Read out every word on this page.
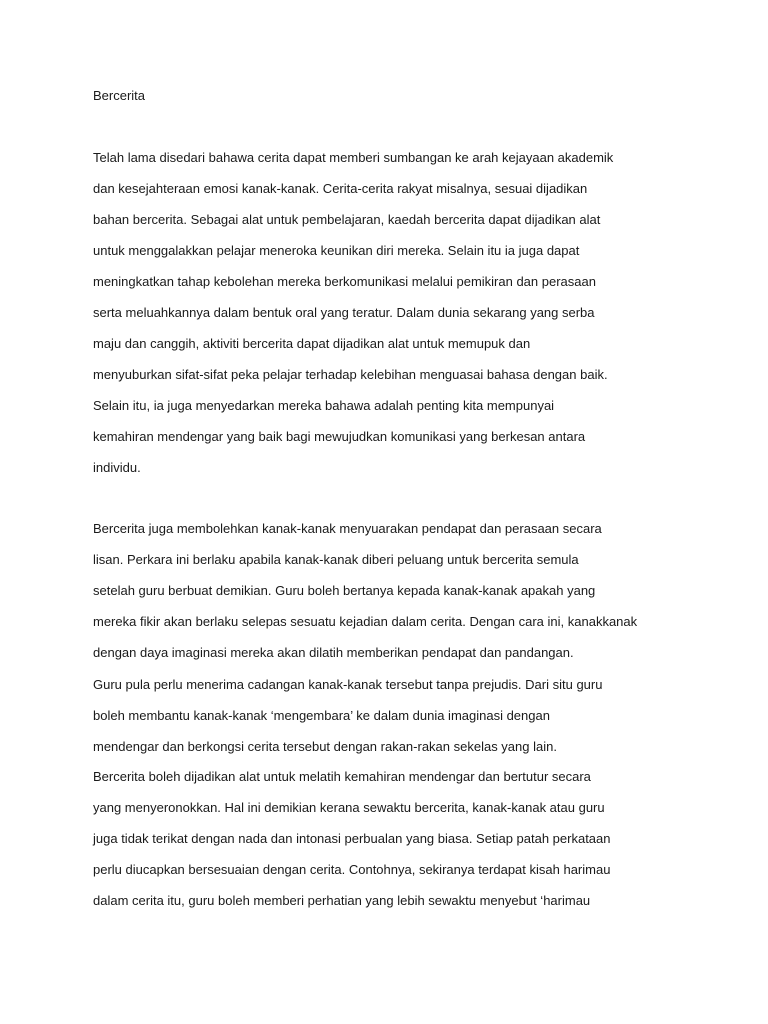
Bercerita
Telah lama disedari bahawa cerita dapat memberi sumbangan ke arah kejayaan akademik
dan kesejahteraan emosi kanak-kanak. Cerita-cerita rakyat misalnya, sesuai dijadikan
bahan bercerita. Sebagai alat untuk pembelajaran, kaedah bercerita dapat dijadikan alat
untuk menggalakkan pelajar meneroka keunikan diri mereka. Selain itu ia juga dapat
meningkatkan tahap kebolehan mereka berkomunikasi melalui pemikiran dan perasaan
serta meluahkannya dalam bentuk oral yang teratur. Dalam dunia sekarang yang serba
maju dan canggih, aktiviti bercerita dapat dijadikan alat untuk memupuk dan
menyuburkan sifat-sifat peka pelajar terhadap kelebihan menguasai bahasa dengan baik.
Selain itu, ia juga menyedarkan mereka bahawa adalah penting kita mempunyai
kemahiran mendengar yang baik bagi mewujudkan komunikasi yang berkesan antara
individu.
Bercerita juga membolehkan kanak-kanak menyuarakan pendapat dan perasaan secara
lisan. Perkara ini berlaku apabila kanak-kanak diberi peluang untuk bercerita semula
setelah guru berbuat demikian. Guru boleh bertanya kepada kanak-kanak apakah yang
mereka fikir akan berlaku selepas sesuatu kejadian dalam cerita. Dengan cara ini, kanakkanak
dengan daya imaginasi mereka akan dilatih memberikan pendapat dan pandangan.
Guru pula perlu menerima cadangan kanak-kanak tersebut tanpa prejudis. Dari situ guru
boleh membantu kanak-kanak ‘mengembara’ ke dalam dunia imaginasi dengan
mendengar dan berkongsi cerita tersebut dengan rakan-rakan sekelas yang lain.
Bercerita boleh dijadikan alat untuk melatih kemahiran mendengar dan bertutur secara
yang menyeronokkan. Hal ini demikian kerana sewaktu bercerita, kanak-kanak atau guru
juga tidak terikat dengan nada dan intonasi perbualan yang biasa. Setiap patah perkataan
perlu diucapkan bersesuaian dengan cerita. Contohnya, sekiranya terdapat kisah harimau
dalam cerita itu, guru boleh memberi perhatian yang lebih sewaktu menyebut ‘harimau
